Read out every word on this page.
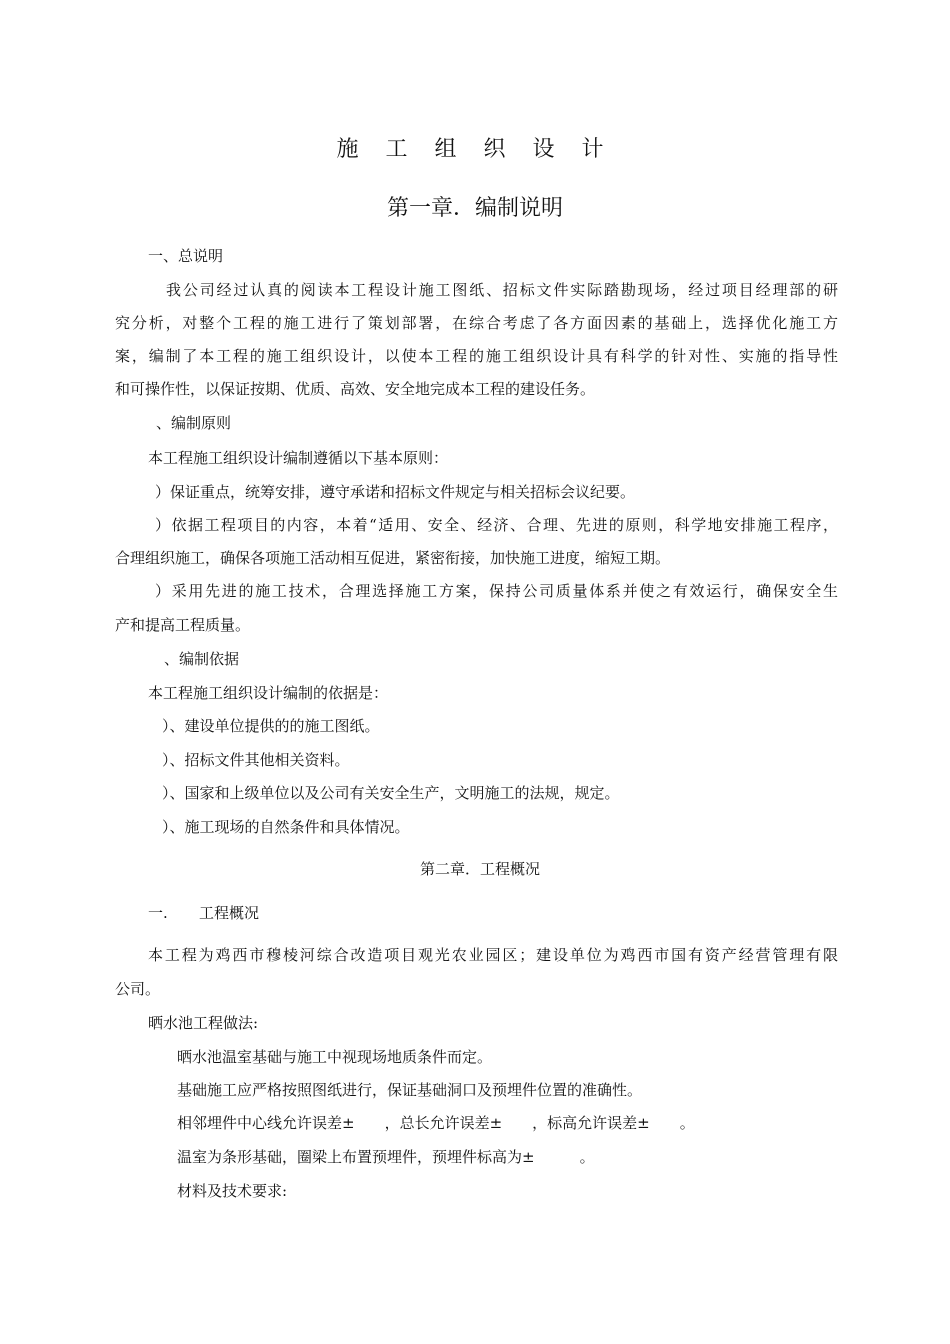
施 工 组 织 设 计
第一章．编制说明
一、总说明
我公司经过认真的阅读本工程设计施工图纸、招标文件实际踏勘现场，经过项目经理部的研
究分析，对整个工程的施工进行了策划部署，在综合考虑了各方面因素的基础上，选择优化施工方
案，编制了本工程的施工组织设计，以使本工程的施工组织设计具有科学的针对性、实施的指导性
和可操作性，以保证按期、优质、高效、安全地完成本工程的建设任务。
、编制原则
本工程施工组织设计编制遵循以下基本原则：
）保证重点，统筹安排，遵守承诺和招标文件规定与相关招标会议纪要。
）依据工程项目的内容，本着“适用、安全、经济、合理、先进的原则，科学地安排施工程序，
合理组织施工，确保各项施工活动相互促进，紧密衔接，加快施工进度，缩短工期。
）采用先进的施工技术，合理选择施工方案，保持公司质量体系并使之有效运行，确保安全生
产和提高工程质量。
、编制依据
本工程施工组织设计编制的依据是：
）、建设单位提供的的施工图纸。
）、招标文件其他相关资料。
）、国家和上级单位以及公司有关安全生产，文明施工的法规，规定。
）、施工现场的自然条件和具体情况。
第二章．工程概况
一. 工程概况
本工程为鸡西市穆棱河综合改造项目观光农业园区；建设单位为鸡西市国有资产经营管理有限
公司。
晒水池工程做法:
晒水池温室基础与施工中视现场地质条件而定。
基础施工应严格按照图纸进行，保证基础洞口及预埋件位置的准确性。
相邻埋件中心线允许误差±　　，总长允许误差±　　，标高允许误差±　　。
温室为条形基础，圈梁上布置预埋件，预埋件标高为±　　　。
材料及技术要求:
